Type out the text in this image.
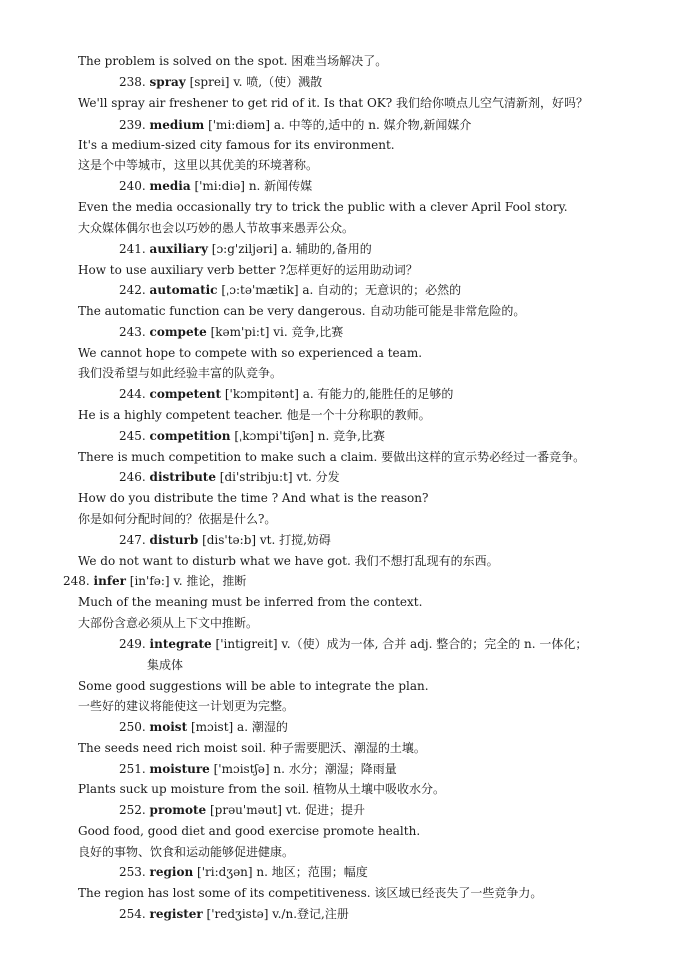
The problem is solved on the spot. 困难当场解决了。
238. spray [sprei] v. 喷,（使）溅散
We'll spray air freshener to get rid of it. Is that OK? 我们给你喷点儿空气清新剂，好吗？
239. medium ['mi:diəm] a. 中等的,适中的 n. 媒介物,新闻媒介
It's a medium-sized city famous for its environment.
这是个中等城市，这里以其优美的环境著称。
240. media ['mi:diə] n. 新闻传媒
Even the media occasionally try to trick the public with a clever April Fool story.
大众媒体偶尔也会以巧妙的愚人节故事来愚弄公众。
241. auxiliary [ɔ:g'ziljəri] a. 辅助的,备用的
How to use auxiliary verb better ?怎样更好的运用助动词？
242. automatic [ˌɔ:tə'mætik] a. 自动的；无意识的；必然的
The automatic function can be very dangerous. 自动功能可能是非常危险的。
243. compete [kəm'pi:t] vi. 竞争,比赛
We cannot hope to compete with so experienced a team.
我们没希望与如此经验丰富的队竞争。
244. competent ['kɔmpitənt] a. 有能力的,能胜任的足够的
He is a highly competent teacher. 他是一个十分称职的教师。
245. competition [ˌkɔmpi'tiʃən] n. 竞争,比赛
There is much competition to make such a claim. 要做出这样的宣示势必经过一番竞争。
246. distribute [di'stribju:t] vt. 分发
How do you distribute the time ? And what is the reason?
你是如何分配时间的？依据是什么?。
247. disturb [dis'tə:b] vt. 打搅,妨碍
We do not want to disturb what we have got. 我们不想打乱现有的东西。
248. infer [in'fə:] v. 推论，推断
Much of the meaning must be inferred from the context.
大部份含意必须从上下文中推断。
249. integrate ['intigreit] v.（使）成为一体, 合并 adj. 整合的；完全的 n. 一体化；
集成体
Some good suggestions will be able to integrate the plan.
一些好的建议将能使这一计划更为完整。
250. moist [mɔist] a. 潮湿的
The seeds need rich moist soil. 种子需要肥沃、潮湿的土壤。
251. moisture ['mɔistʃə] n. 水分；潮湿；降雨量
Plants suck up moisture from the soil. 植物从土壤中吸收水分。
252. promote [prəu'məut] vt. 促进；提升
Good food, good diet and good exercise promote health.
良好的事物、饮食和运动能够促进健康。
253. region ['ri:dʒən] n. 地区；范围；幅度
The region has lost some of its competitiveness. 该区域已经丧失了一些竞争力。
254. register ['redʒistə] v./n.登记,注册
